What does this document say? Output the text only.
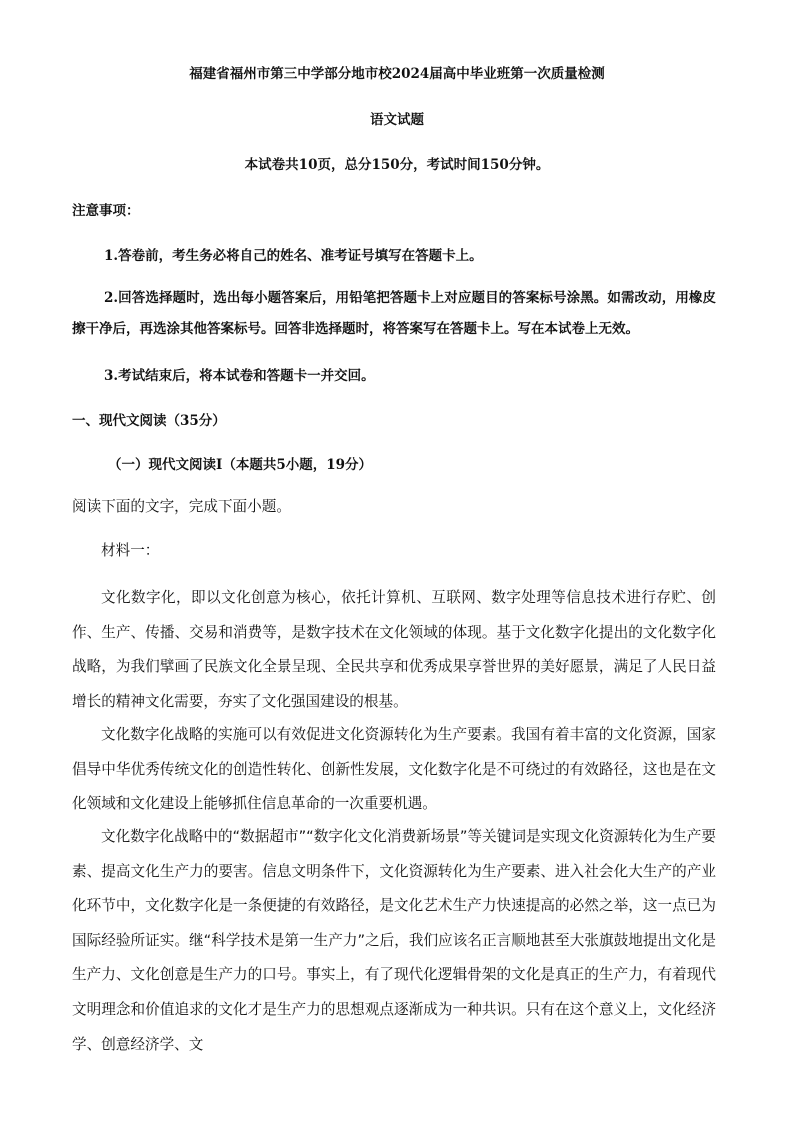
福建省福州市第三中学部分地市校2024届高中毕业班第一次质量检测
语文试题
本试卷共10页，总分150分，考试时间150分钟。
注意事项：
1.答卷前，考生务必将自己的姓名、准考证号填写在答题卡上。
2.回答选择题时，选出每小题答案后，用铅笔把答题卡上对应题目的答案标号涂黑。如需改动，用橡皮擦干净后，再选涂其他答案标号。回答非选择题时，将答案写在答题卡上。写在本试卷上无效。
3.考试结束后，将本试卷和答题卡一并交回。
一、现代文阅读（35分）
（一）现代文阅读Ⅰ（本题共5小题，19分）
阅读下面的文字，完成下面小题。
材料一：
文化数字化，即以文化创意为核心，依托计算机、互联网、数字处理等信息技术进行存贮、创作、生产、传播、交易和消费等，是数字技术在文化领域的体现。基于文化数字化提出的文化数字化战略，为我们擘画了民族文化全景呈现、全民共享和优秀成果享誉世界的美好愿景，满足了人民日益增长的精神文化需要，夯实了文化强国建设的根基。
文化数字化战略的实施可以有效促进文化资源转化为生产要素。我国有着丰富的文化资源，国家倡导中华优秀传统文化的创造性转化、创新性发展，文化数字化是不可绕过的有效路径，这也是在文化领域和文化建设上能够抓住信息革命的一次重要机遇。
文化数字化战略中的“数据超市”“数字化文化消费新场景”等关键词是实现文化资源转化为生产要素、提高文化生产力的要害。信息文明条件下，文化资源转化为生产要素、进入社会化大生产的产业化环节中，文化数字化是一条便捷的有效路径，是文化艺术生产力快速提高的必然之举，这一点已为国际经验所证实。继“科学技术是第一生产力”之后，我们应该名正言顺地甚至大张旗鼓地提出文化是生产力、文化创意是生产力的口号。事实上，有了现代化逻辑骨架的文化是真正的生产力，有着现代文明理念和价值追求的文化才是生产力的思想观点逐渐成为一种共识。只有在这个意义上，文化经济学、创意经济学、文
